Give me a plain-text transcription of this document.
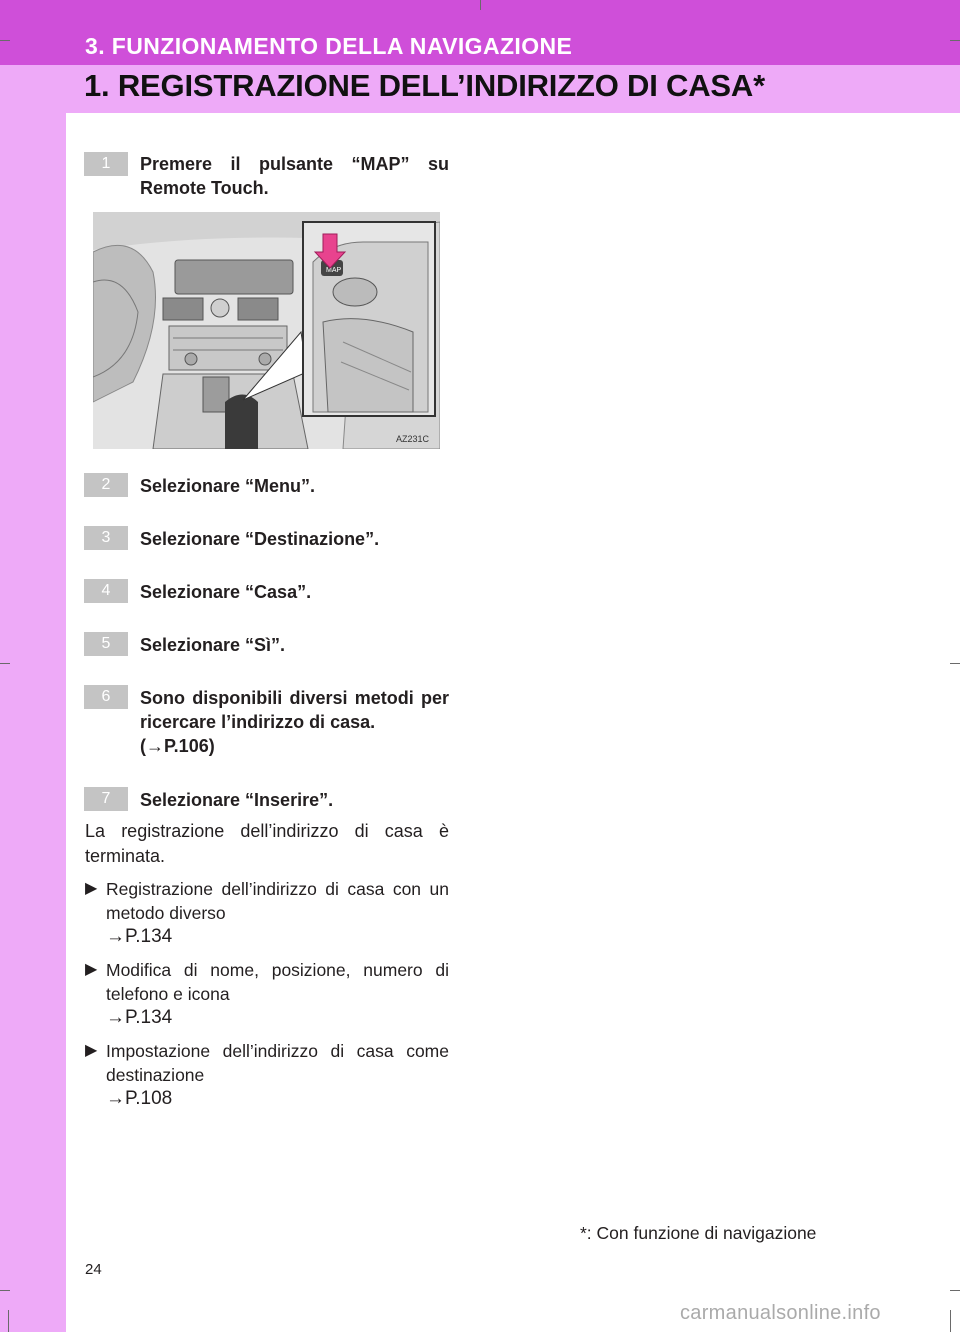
3. FUNZIONAMENTO DELLA NAVIGAZIONE
1. REGISTRAZIONE DELL’INDIRIZZO DI CASA*
1	Premere il pulsante “MAP” su Remote Touch.

MAP
AZ231C
2	Selezionare “Menu”.

3	Selezionare “Destinazione”.

4	Selezionare “Casa”.

5	Selezionare “Sì”.

6	Sono disponibili diversi metodi per ricercare l’indirizzo di casa.
(→P.106)

7	Selezionare “Inserire”.

La registrazione dell’indirizzo di casa è terminata.

▶ Registrazione dell’indirizzo di casa con un metodo diverso
→P.134
▶ Modifica di nome, posizione, numero di telefono e icona
→P.134
▶ Impostazione dell’indirizzo di casa come destinazione
→P.108
*: Con funzione di navigazione
24
carmanualsonline.info
